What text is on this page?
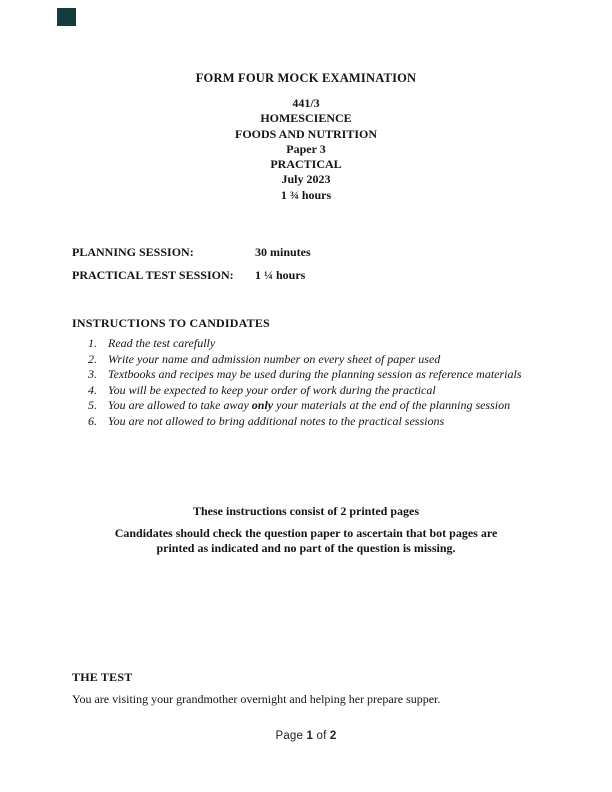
FORM FOUR MOCK EXAMINATION
441/3
HOMESCIENCE
FOODS AND NUTRITION
Paper 3
PRACTICAL
July 2023
1 ¾ hours
PLANNING SESSION:	30 minutes
PRACTICAL TEST SESSION: 1 ¼ hours
INSTRUCTIONS TO CANDIDATES
1. Read the test carefully
2. Write your name and admission number on every sheet of paper used
3. Textbooks and recipes may be used during the planning session as reference materials
4. You will be expected to keep your order of work during the practical
5. You are allowed to take away only your materials at the end of the planning session
6. You are not allowed to bring additional notes to the practical sessions
These instructions consist of 2 printed pages
Candidates should check the question paper to ascertain that bot pages are
printed as indicated and no part of the question is missing.
THE TEST
You are visiting your grandmother overnight and helping her prepare supper.
Page 1 of 2
